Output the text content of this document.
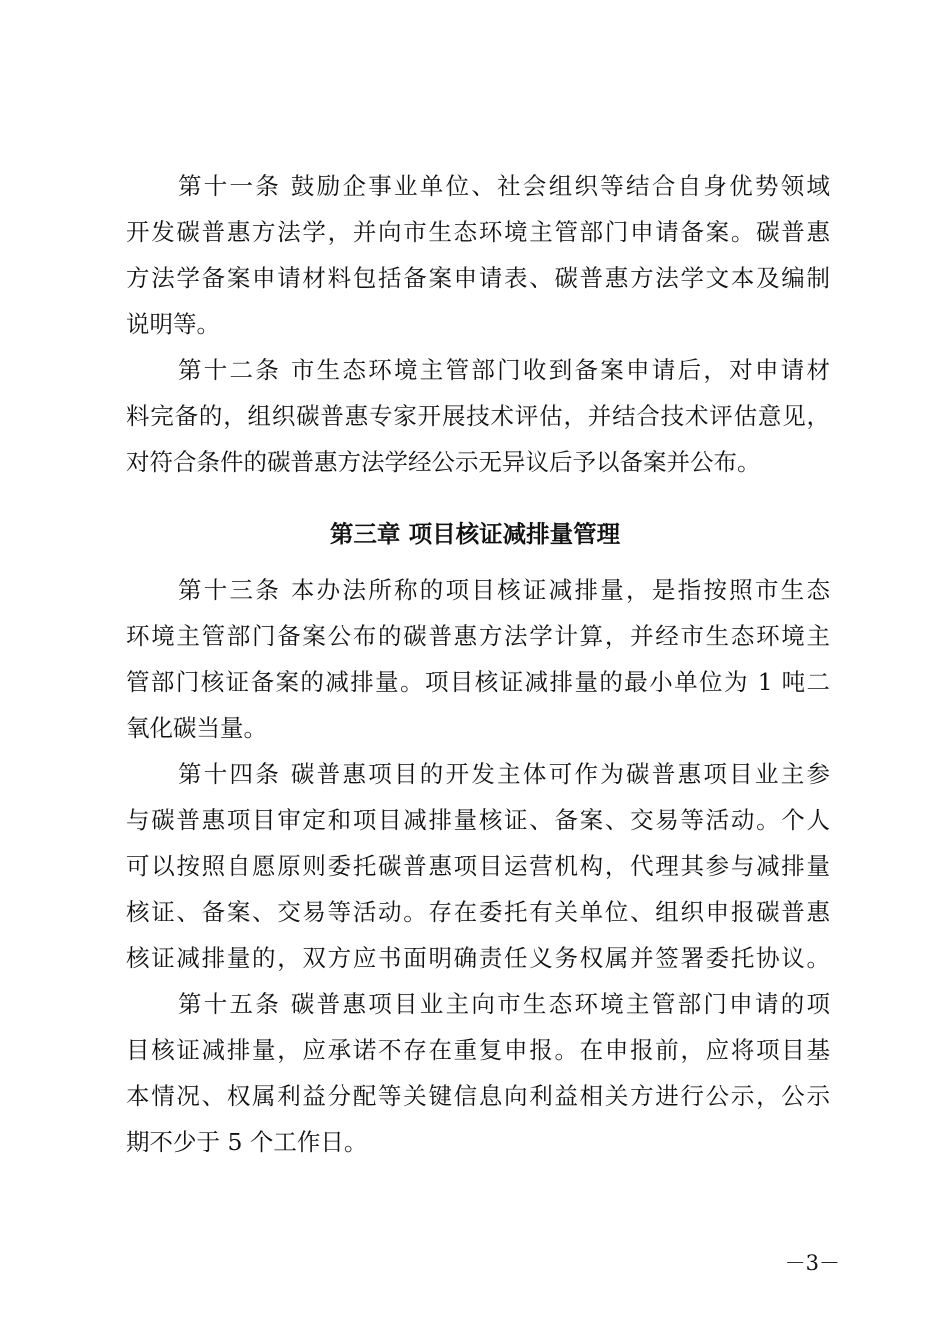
第十一条 鼓励企事业单位、社会组织等结合自身优势领域
开发碳普惠方法学，并向市生态环境主管部门申请备案。碳普惠
方法学备案申请材料包括备案申请表、碳普惠方法学文本及编制
说明等。
第十二条 市生态环境主管部门收到备案申请后，对申请材
料完备的，组织碳普惠专家开展技术评估，并结合技术评估意见，
对符合条件的碳普惠方法学经公示无异议后予以备案并公布。
第三章 项目核证减排量管理
第十三条 本办法所称的项目核证减排量，是指按照市生态
环境主管部门备案公布的碳普惠方法学计算，并经市生态环境主
管部门核证备案的减排量。项目核证减排量的最小单位为 1 吨二
氧化碳当量。
第十四条 碳普惠项目的开发主体可作为碳普惠项目业主参
与碳普惠项目审定和项目减排量核证、备案、交易等活动。个人
可以按照自愿原则委托碳普惠项目运营机构，代理其参与减排量
核证、备案、交易等活动。存在委托有关单位、组织申报碳普惠
核证减排量的，双方应书面明确责任义务权属并签署委托协议。
第十五条 碳普惠项目业主向市生态环境主管部门申请的项
目核证减排量，应承诺不存在重复申报。在申报前，应将项目基
本情况、权属利益分配等关键信息向利益相关方进行公示，公示
期不少于 5 个工作日。
－3－
